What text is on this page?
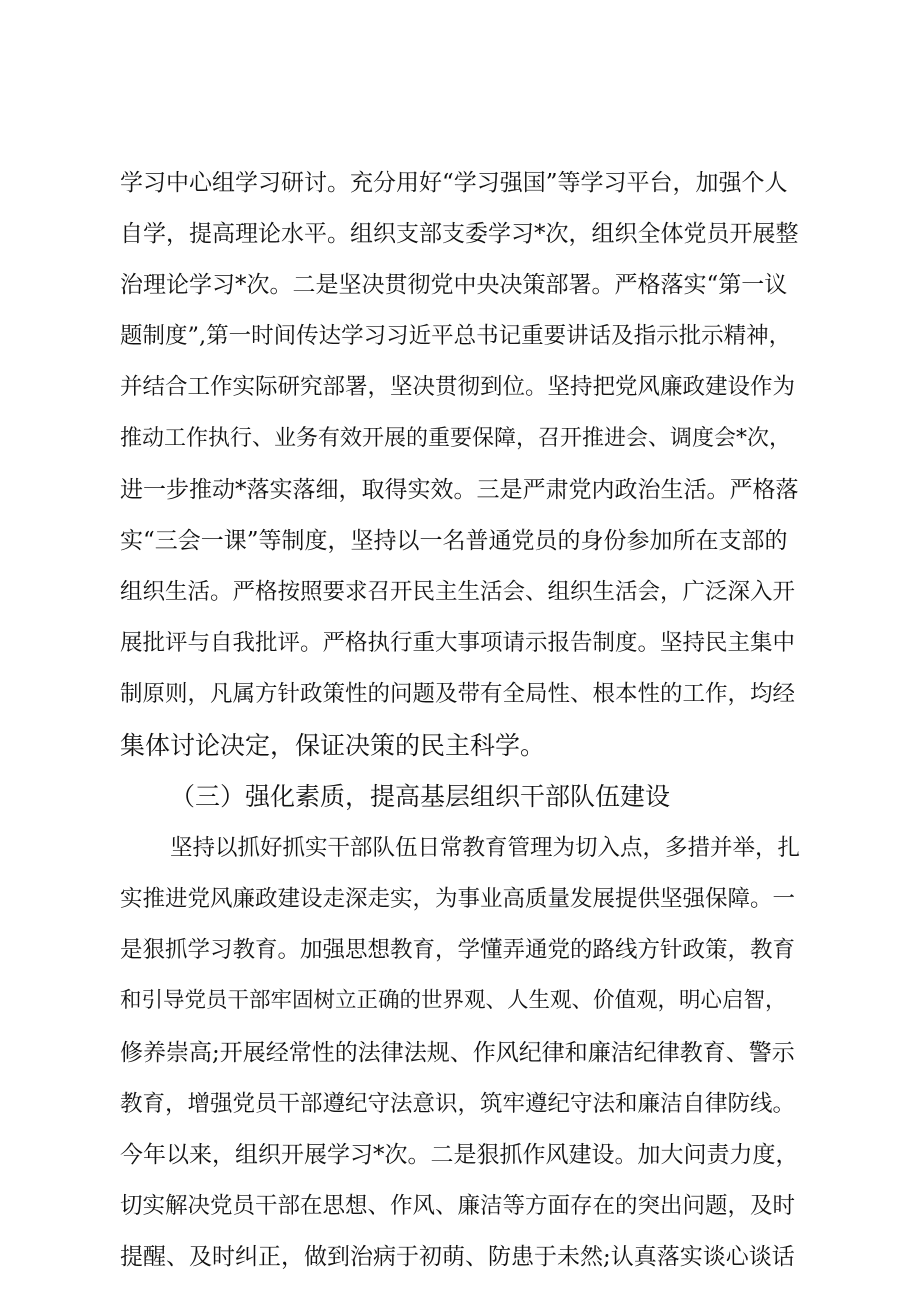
学习中心组学习研讨。充分用好“学习强国”等学习平台，加强个人

自学，提高理论水平。组织支部支委学习*次，组织全体党员开展整

治理论学习*次。二是坚决贯彻党中央决策部署。严格落实“第一议

题制度”,第一时间传达学习习近平总书记重要讲话及指示批示精神，

并结合工作实际研究部署，坚决贯彻到位。坚持把党风廉政建设作为

推动工作执行、业务有效开展的重要保障，召开推进会、调度会*次，

进一步推动*落实落细，取得实效。三是严肃党内政治生活。严格落

实“三会一课”等制度，坚持以一名普通党员的身份参加所在支部的

组织生活。严格按照要求召开民主生活会、组织生活会，广泛深入开

展批评与自我批评。严格执行重大事项请示报告制度。坚持民主集中

制原则，凡属方针政策性的问题及带有全局性、根本性的工作，均经

集体讨论决定，保证决策的民主科学。

（三）强化素质，提高基层组织干部队伍建设

坚持以抓好抓实干部队伍日常教育管理为切入点，多措并举，扎

实推进党风廉政建设走深走实，为事业高质量发展提供坚强保障。一

是狠抓学习教育。加强思想教育，学懂弄通党的路线方针政策，教育

和引导党员干部牢固树立正确的世界观、人生观、价值观，明心启智，

修养崇高;开展经常性的法律法规、作风纪律和廉洁纪律教育、警示

教育，增强党员干部遵纪守法意识，筑牢遵纪守法和廉洁自律防线。

今年以来，组织开展学习*次。二是狠抓作风建设。加大问责力度，

切实解决党员干部在思想、作风、廉洁等方面存在的突出问题，及时

提醒、及时纠正，做到治病于初萌、防患于未然;认真落实谈心谈话
